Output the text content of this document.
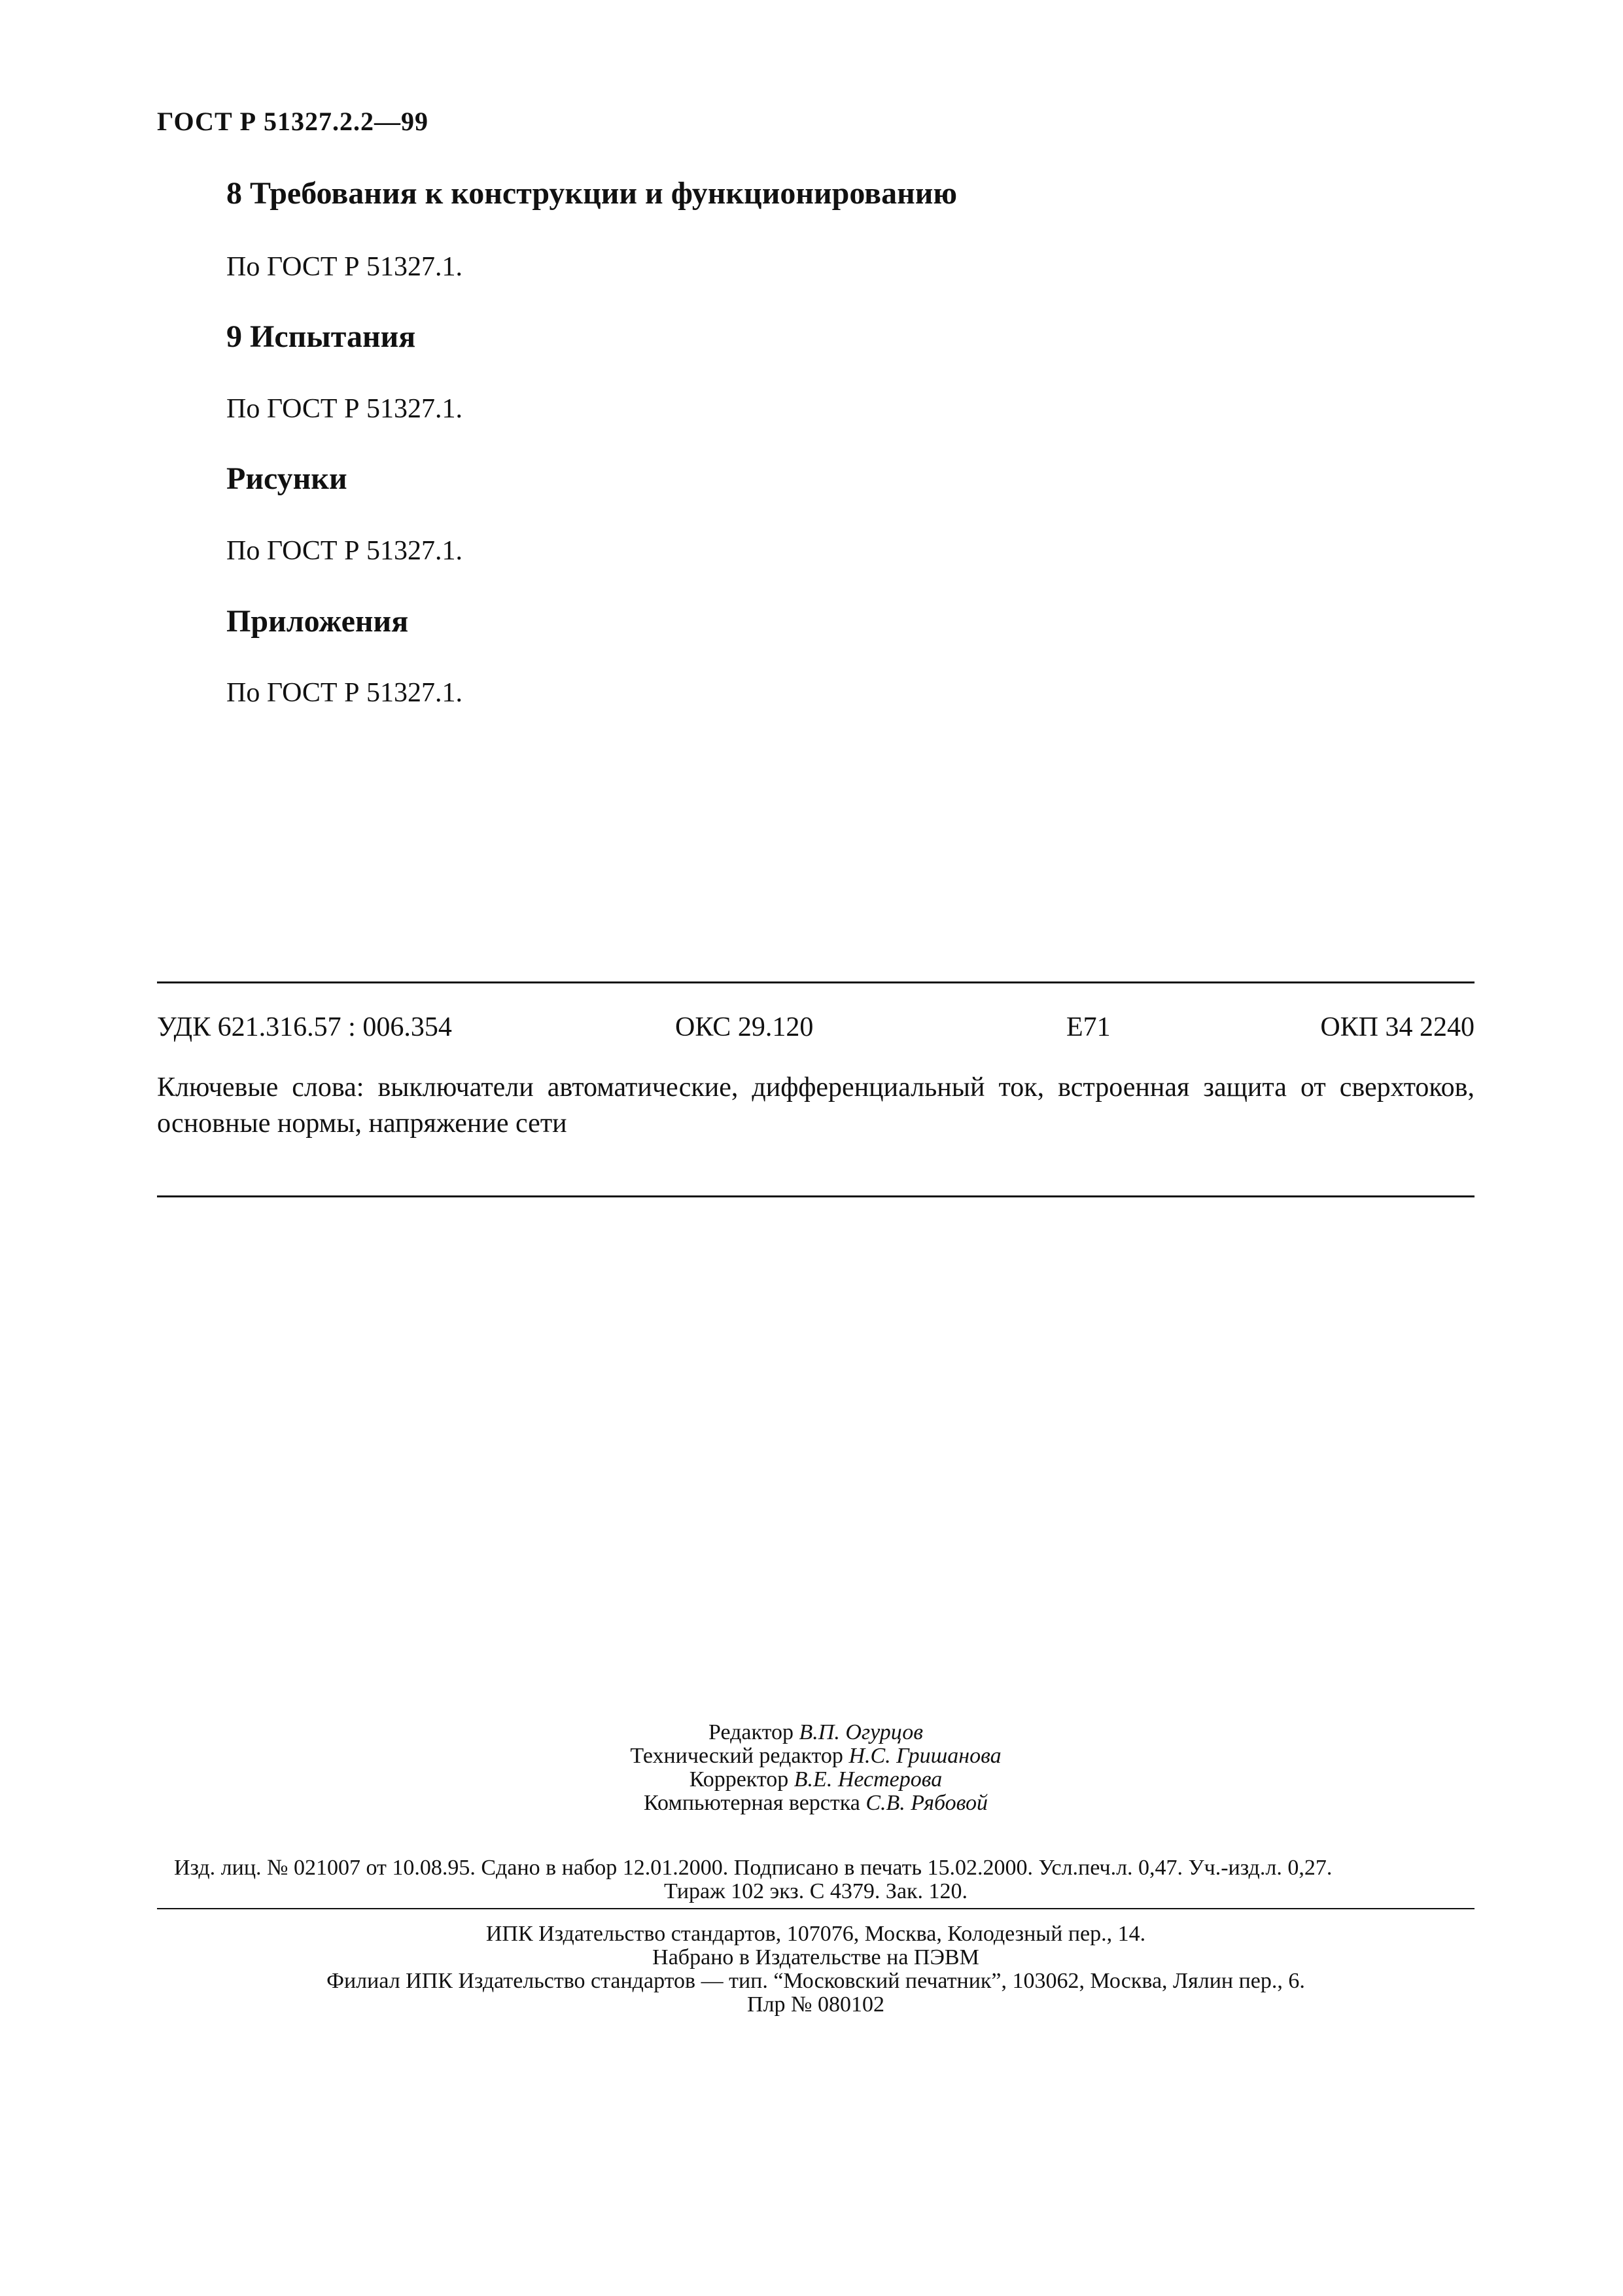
ГОСТ Р 51327.2.2—99
8 Требования к конструкции и функционированию
По ГОСТ Р 51327.1.
9 Испытания
По ГОСТ Р 51327.1.
Рисунки
По ГОСТ Р 51327.1.
Приложения
По ГОСТ Р 51327.1.
УДК 621.316.57 : 006.354	ОКС 29.120	Е71	ОКП 34 2240
Ключевые слова: выключатели автоматические, дифференциальный ток, встроенная защита от сверхтоков, основные нормы, напряжение сети
Редактор В.П. Огурцов
Технический редактор Н.С. Гришанова
Корректор В.Е. Нестерова
Компьютерная верстка С.В. Рябовой
Изд. лиц. № 021007 от 10.08.95. Сдано в набор 12.01.2000. Подписано в печать 15.02.2000. Усл.печ.л. 0,47. Уч.-изд.л. 0,27.
Тираж 102 экз. С 4379. Зак. 120.
ИПК Издательство стандартов, 107076, Москва, Колодезный пер., 14.
Набрано в Издательстве на ПЭВМ
Филиал ИПК Издательство стандартов — тип. “Московский печатник”, 103062, Москва, Лялин пер., 6.
Плр № 080102
